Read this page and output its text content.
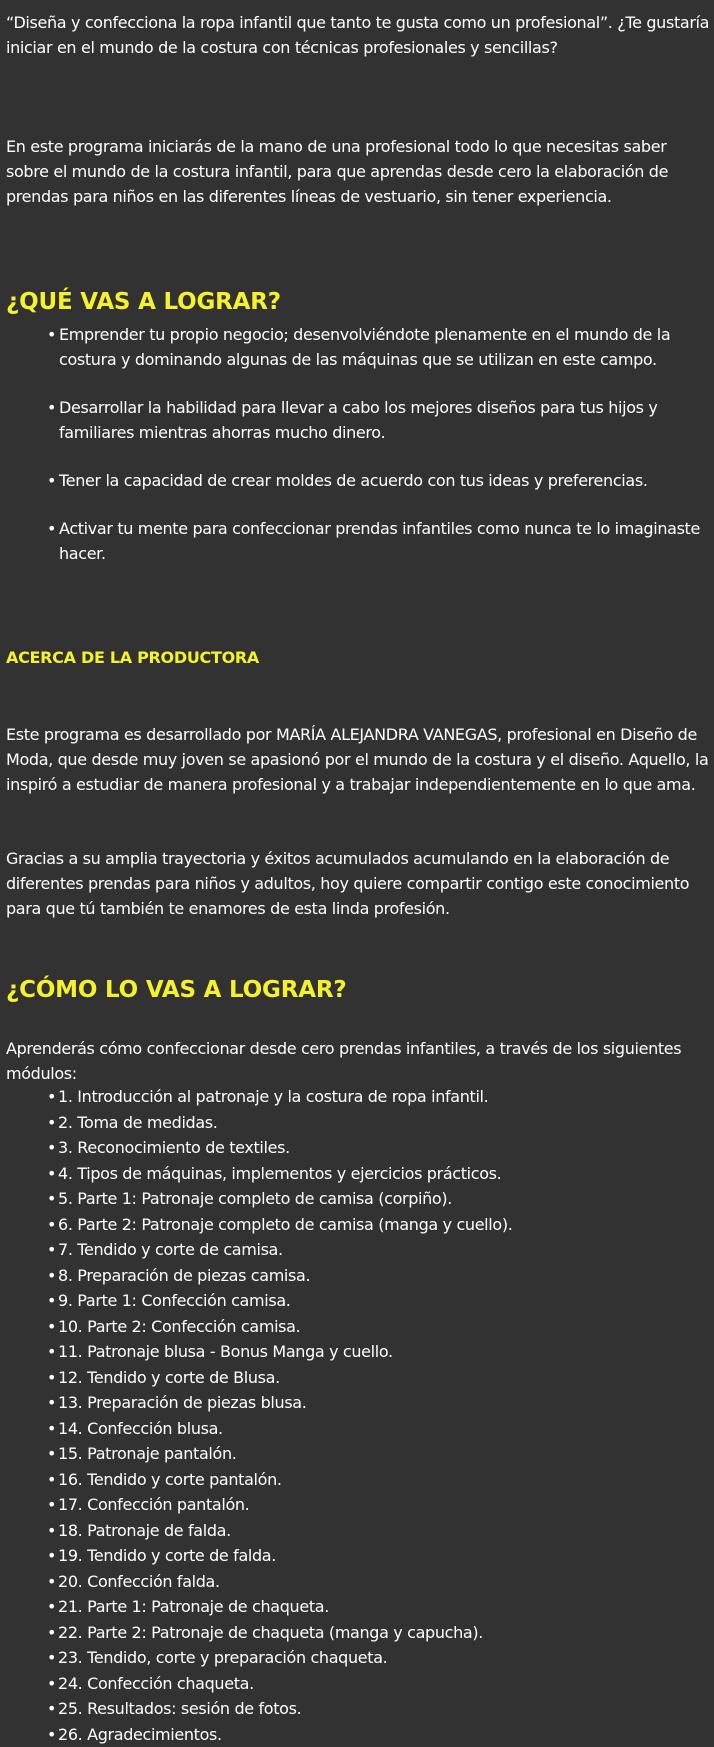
“Diseña y confecciona la ropa infantil que tanto te gusta como un profesional”. ¿Te gustaría iniciar en el mundo de la costura con técnicas profesionales y sencillas?

En este programa iniciarás de la mano de una profesional todo lo que necesitas saber sobre el mundo de la costura infantil, para que aprendas desde cero la elaboración de prendas para niños en las diferentes líneas de vestuario, sin tener experiencia.

¿QUÉ VAS A LOGRAR?
• Emprender tu propio negocio; desenvolviéndote plenamente en el mundo de la costura y dominando algunas de las máquinas que se utilizan en este campo.
• Desarrollar la habilidad para llevar a cabo los mejores diseños para tus hijos y familiares mientras ahorras mucho dinero.
• Tener la capacidad de crear moldes de acuerdo con tus ideas y preferencias.
• Activar tu mente para confeccionar prendas infantiles como nunca te lo imaginaste hacer.
ACERCA DE LA PRODUCTORA

Este programa es desarrollado por MARÍA ALEJANDRA VANEGAS, profesional en Diseño de Moda, que desde muy joven se apasionó por el mundo de la costura y el diseño. Aquello, la inspiró a estudiar de manera profesional y a trabajar independientemente en lo que ama.

Gracias a su amplia trayectoria y éxitos acumulados acumulando en la elaboración de diferentes prendas para niños y adultos, hoy quiere compartir contigo este conocimiento para que tú también te enamores de esta linda profesión.

¿CÓMO LO VAS A LOGRAR?

Aprenderás cómo confeccionar desde cero prendas infantiles, a través de los siguientes módulos:

• 1. Introducción al patronaje y la costura de ropa infantil.
• 2. Toma de medidas.
• 3. Reconocimiento de textiles.
• 4. Tipos de máquinas, implementos y ejercicios prácticos.
• 5. Parte 1: Patronaje completo de camisa (corpiño).
• 6. Parte 2: Patronaje completo de camisa (manga y cuello).
• 7. Tendido y corte de camisa.
• 8. Preparación de piezas camisa.
• 9. Parte 1: Confección camisa.
• 10. Parte 2: Confección camisa.
• 11. Patronaje blusa - Bonus Manga y cuello.
• 12. Tendido y corte de Blusa.
• 13. Preparación de piezas blusa.
• 14. Confección blusa.
• 15. Patronaje pantalón.
• 16. Tendido y corte pantalón.
• 17. Confección pantalón.
• 18. Patronaje de falda.
• 19. Tendido y corte de falda.
• 20. Confección falda.
• 21. Parte 1: Patronaje de chaqueta.
• 22. Parte 2: Patronaje de chaqueta (manga y capucha).
• 23. Tendido, corte y preparación chaqueta.
• 24. Confección chaqueta.
• 25. Resultados: sesión de fotos.
• 26. Agradecimientos.
